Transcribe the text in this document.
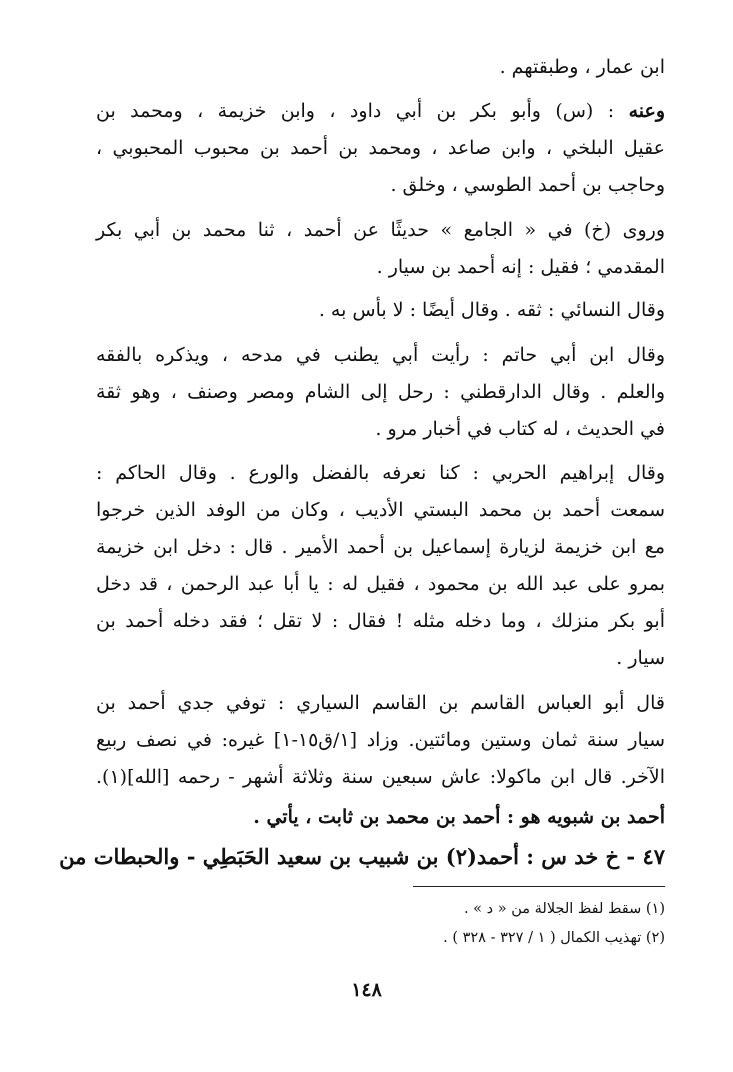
ابن عمار ، وطبقتهم .
وعنه : (س) وأبو بكر بن أبي داود ، وابن خزيمة ، ومحمد بن
عقيل البلخي ، وابن صاعد ، ومحمد بن أحمد بن محبوب المحبوبي ،
وحاجب بن أحمد الطوسي ، وخلق .
وروى (خ) في « الجامع » حديثًا عن أحمد ، ثنا محمد بن أبي بكر
المقدمي ؛ فقيل : إنه أحمد بن سيار .
وقال النسائي : ثقه . وقال أيضًا : لا بأس به .
وقال ابن أبي حاتم : رأيت أبي يطنب في مدحه ، ويذكره بالفقه
والعلم . وقال الدارقطني : رحل إلى الشام ومصر وصنف ، وهو ثقة
في الحديث ، له كتاب في أخبار مرو .
وقال إبراهيم الحربي : كنا نعرفه بالفضل والورع . وقال الحاكم :
سمعت أحمد بن محمد البستي الأديب ، وكان من الوفد الذين خرجوا
مع ابن خزيمة لزيارة إسماعيل بن أحمد الأمير . قال : دخل ابن خزيمة
بمرو على عبد الله بن محمود ، فقيل له : يا أبا عبد الرحمن ، قد دخل
أبو بكر منزلك ، وما دخله مثله ! فقال : لا تقل ؛ فقد دخله أحمد بن
سيار .
قال أبو العباس القاسم بن القاسم السياري : توفي جدي أحمد بن
سيار سنة ثمان وستين ومائتين. وزاد [١/ق١٥-١] غيره: في نصف ربيع
الآخر. قال ابن ماكولا: عاش سبعين سنة وثلاثة أشهر - رحمه [الله](١).
أحمد بن شبويه هو : أحمد بن محمد بن ثابت ، يأتي .
٤٧ - خ خد س : أحمد(٢) بن شبيب بن سعيد الحَبَطِي - والحبطات من
(١) سقط لفظ الجلالة من « د » .
(٢) تهذيب الكمال ( ١ / ٣٢٧ - ٣٢٨ ) .
١٤٨
